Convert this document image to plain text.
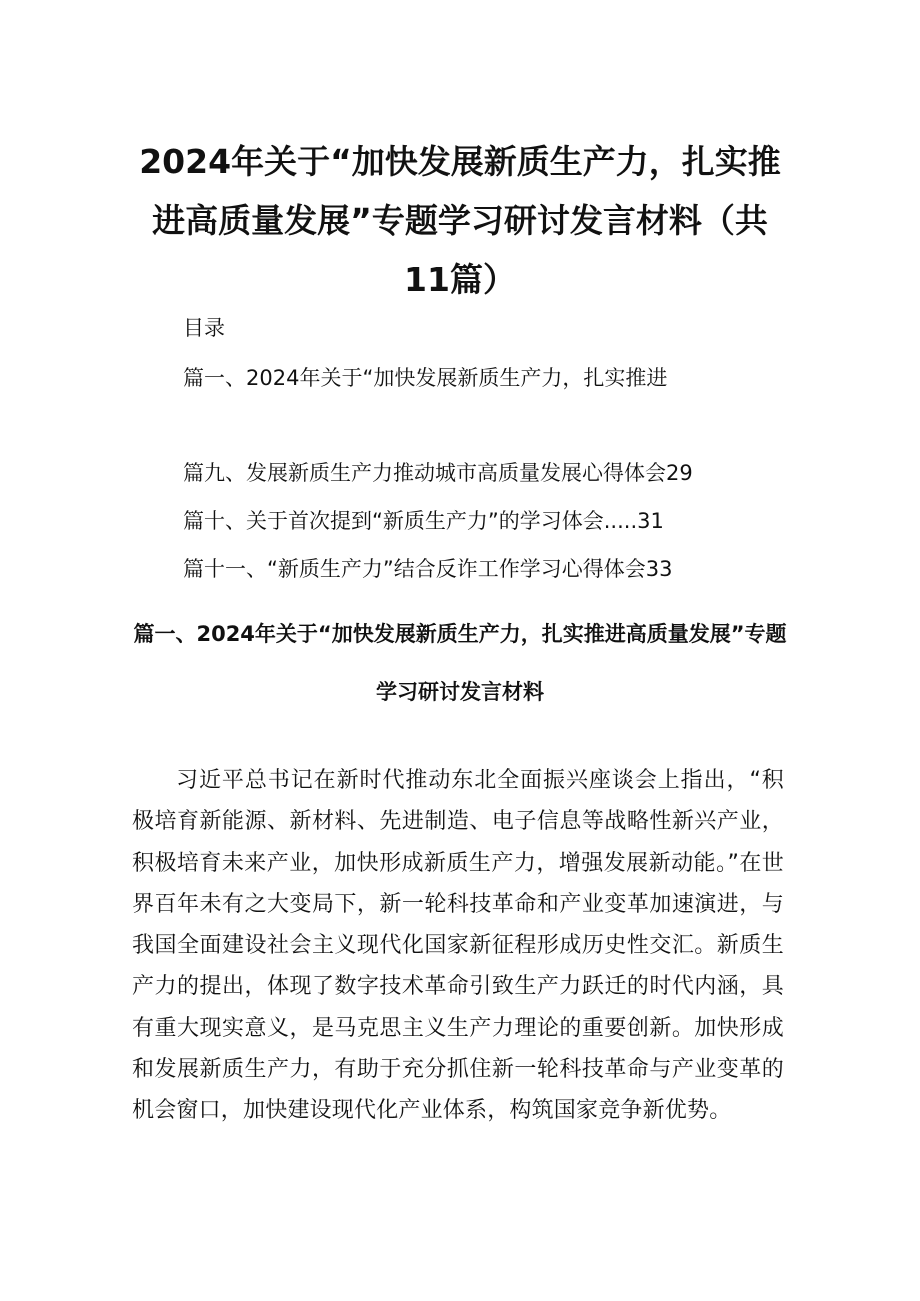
2024年关于“加快发展新质生产力，扎实推进高质量发展”专题学习研讨发言材料（共11篇）

目录

篇一、2024年关于“加快发展新质生产力，扎实推进

篇九、发展新质生产力推动城市高质量发展心得体会29

篇十、关于首次提到“新质生产力”的学习体会.....31

篇十一、“新质生产力”结合反诈工作学习心得体会33

篇一、2024年关于“加快发展新质生产力，扎实推进高质量发展”专题学习研讨发言材料

习近平总书记在新时代推动东北全面振兴座谈会上指出，“积极培育新能源、新材料、先进制造、电子信息等战略性新兴产业，积极培育未来产业，加快形成新质生产力，增强发展新动能。”在世界百年未有之大变局下，新一轮科技革命和产业变革加速演进，与我国全面建设社会主义现代化国家新征程形成历史性交汇。新质生产力的提出，体现了数字技术革命引致生产力跃迁的时代内涵，具有重大现实意义，是马克思主义生产力理论的重要创新。加快形成和发展新质生产力，有助于充分抓住新一轮科技革命与产业变革的机会窗口，加快建设现代化产业体系，构筑国家竞争新优势。
